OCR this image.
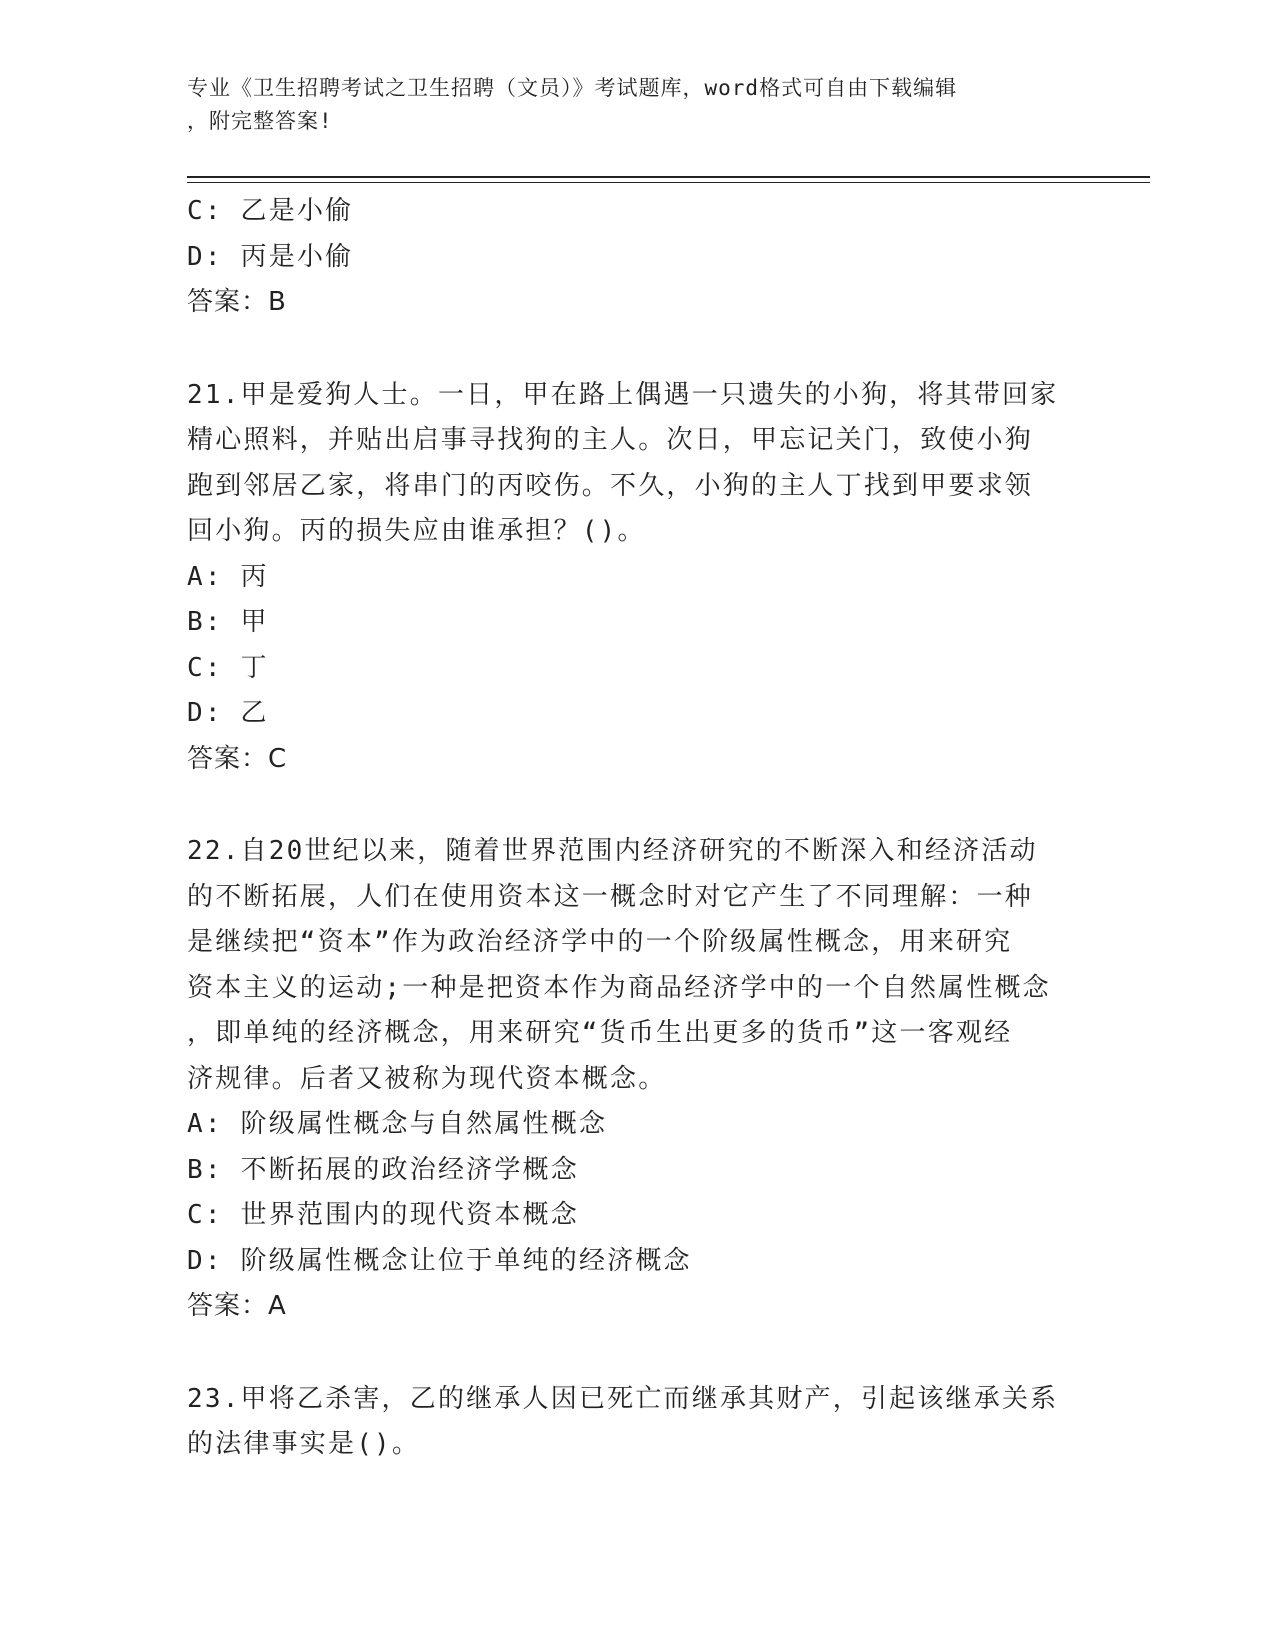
专业《卫生招聘考试之卫生招聘（文员）》考试题库，word格式可自由下载编辑
，附完整答案!
C: 乙是小偷
D: 丙是小偷
答案：B
21.甲是爱狗人士。一日，甲在路上偶遇一只遗失的小狗，将其带回家
精心照料，并贴出启事寻找狗的主人。次日，甲忘记关门，致使小狗
跑到邻居乙家，将串门的丙咬伤。不久，小狗的主人丁找到甲要求领
回小狗。丙的损失应由谁承担？()。
A: 丙
B: 甲
C: 丁
D: 乙
答案：C
22.自20世纪以来，随着世界范围内经济研究的不断深入和经济活动
的不断拓展，人们在使用资本这一概念时对它产生了不同理解：一种
是继续把“资本”作为政治经济学中的一个阶级属性概念，用来研究
资本主义的运动;一种是把资本作为商品经济学中的一个自然属性概念
，即单纯的经济概念，用来研究“货币生出更多的货币”这一客观经
济规律。后者又被称为现代资本概念。
A: 阶级属性概念与自然属性概念
B: 不断拓展的政治经济学概念
C: 世界范围内的现代资本概念
D: 阶级属性概念让位于单纯的经济概念
答案：A
23.甲将乙杀害，乙的继承人因已死亡而继承其财产，引起该继承关系
的法律事实是()。
